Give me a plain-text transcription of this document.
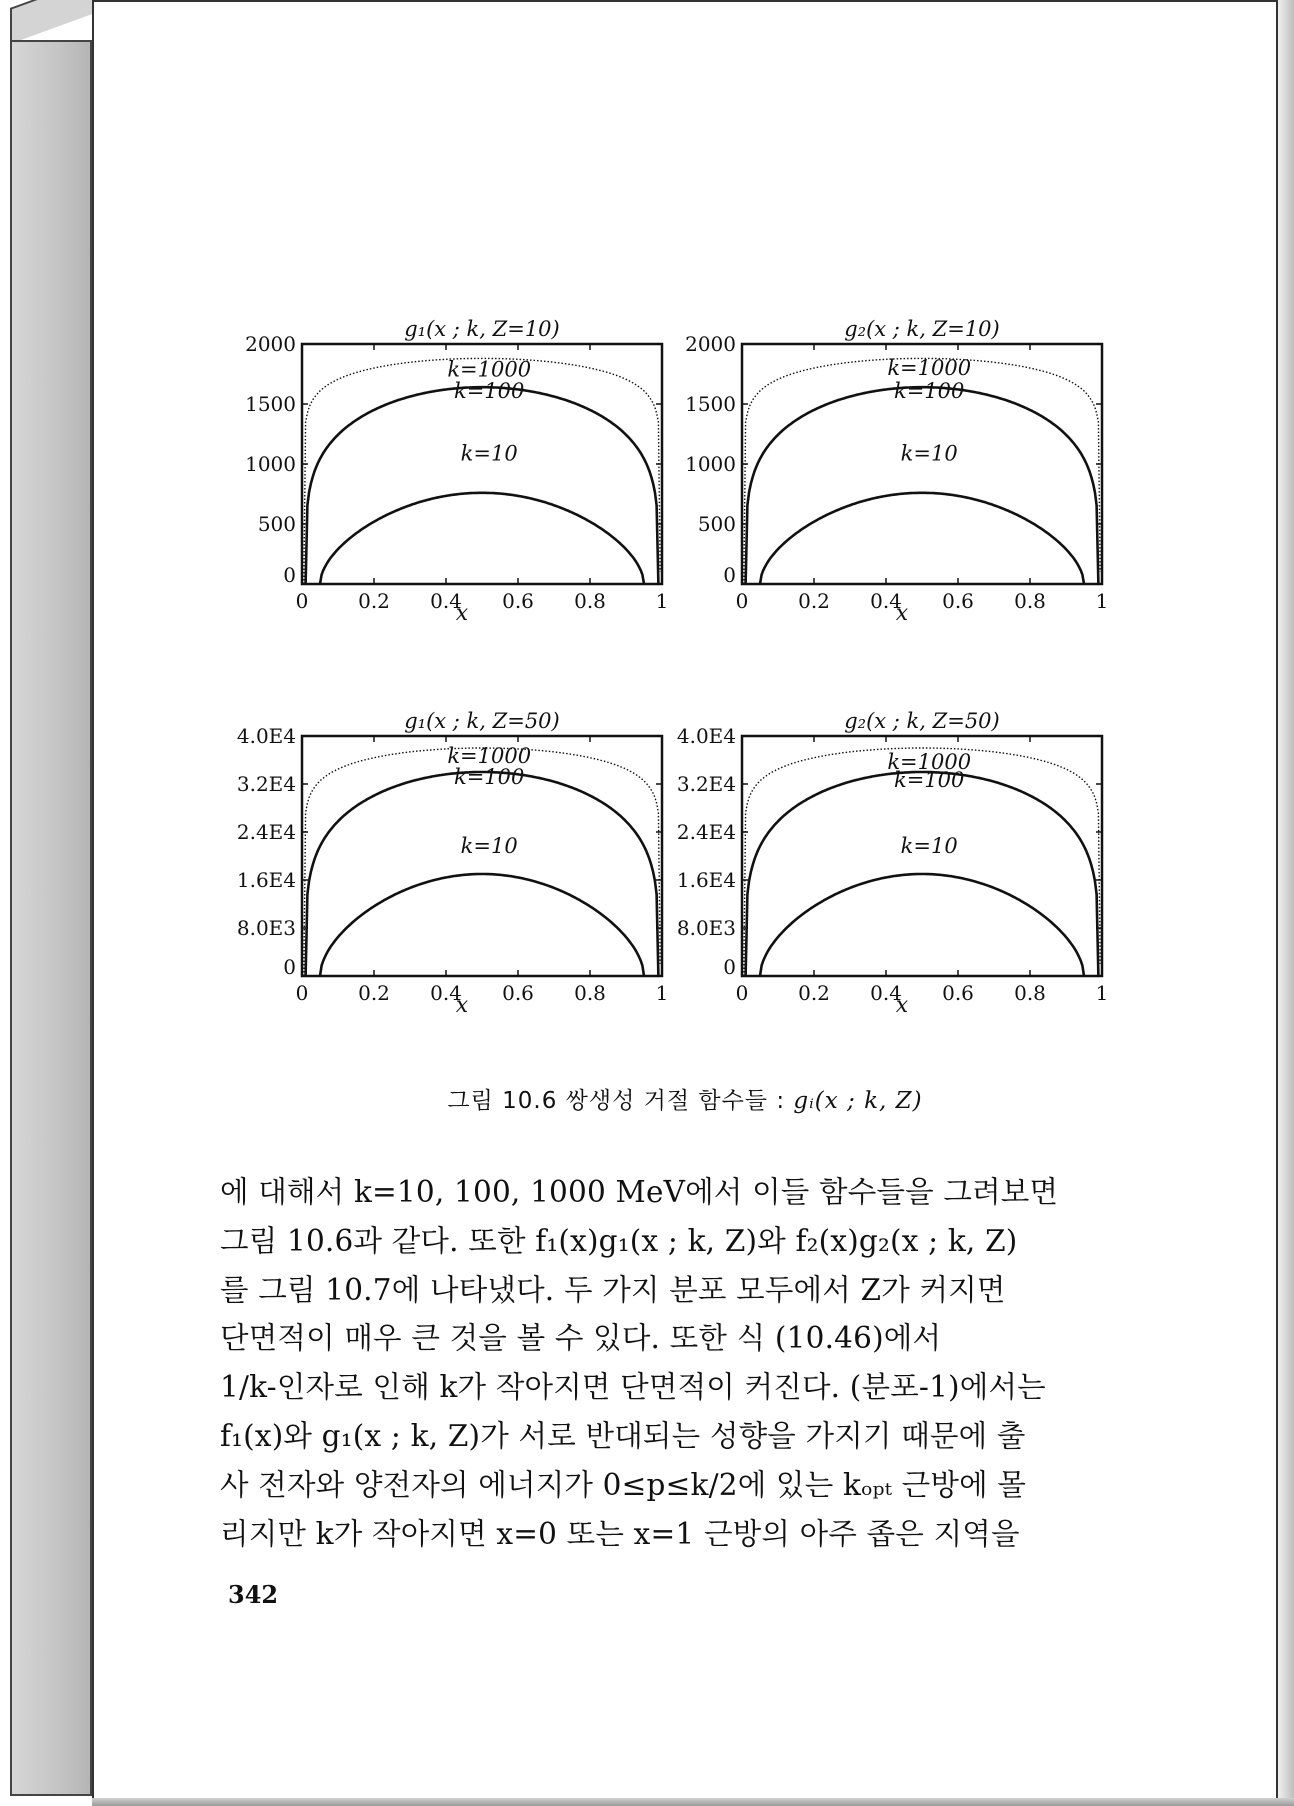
g₁(x ; k, Z=10)
0 0.2 0.4 0.6 0.8 1
x
0
500
1000
1500
2000
k=1000
k=100
k=10
g₂(x ; k, Z=10)
0 0.2 0.4 0.6 0.8 1
x
0
500
1000
1500
2000
k=1000
k=100
k=10
g₁(x ; k, Z=50)
0 0.2 0.4 0.6 0.8 1
x
0
8.0E3
1.6E4
2.4E4
3.2E4
4.0E4
k=1000
k=100
k=10
g₂(x ; k, Z=50)
0 0.2 0.4 0.6 0.8 1
x
0
8.0E3
1.6E4
2.4E4
3.2E4
4.0E4
k=1000
k=100
k=10
그림 10.6 쌍생성 거절 함수들 : gᵢ(x ; k, Z)

에 대해서 k=10, 100, 1000 MeV에서 이들 함수들을 그려보면

그림 10.6과 같다. 또한 f₁(x)g₁(x ; k, Z)와 f₂(x)g₂(x ; k, Z)

를 그림 10.7에 나타냈다. 두 가지 분포 모두에서 Z가 커지면

단면적이 매우 큰 것을 볼 수 있다. 또한 식 (10.46)에서

1/k-인자로 인해 k가 작아지면 단면적이 커진다. (분포-1)에서는

f₁(x)와 g₁(x ; k, Z)가 서로 반대되는 성향을 가지기 때문에 출

사 전자와 양전자의 에너지가 0≤p≤k/2에 있는 kₒₚₜ 근방에 몰

리지만 k가 작아지면 x=0 또는 x=1 근방의 아주 좁은 지역을

342
